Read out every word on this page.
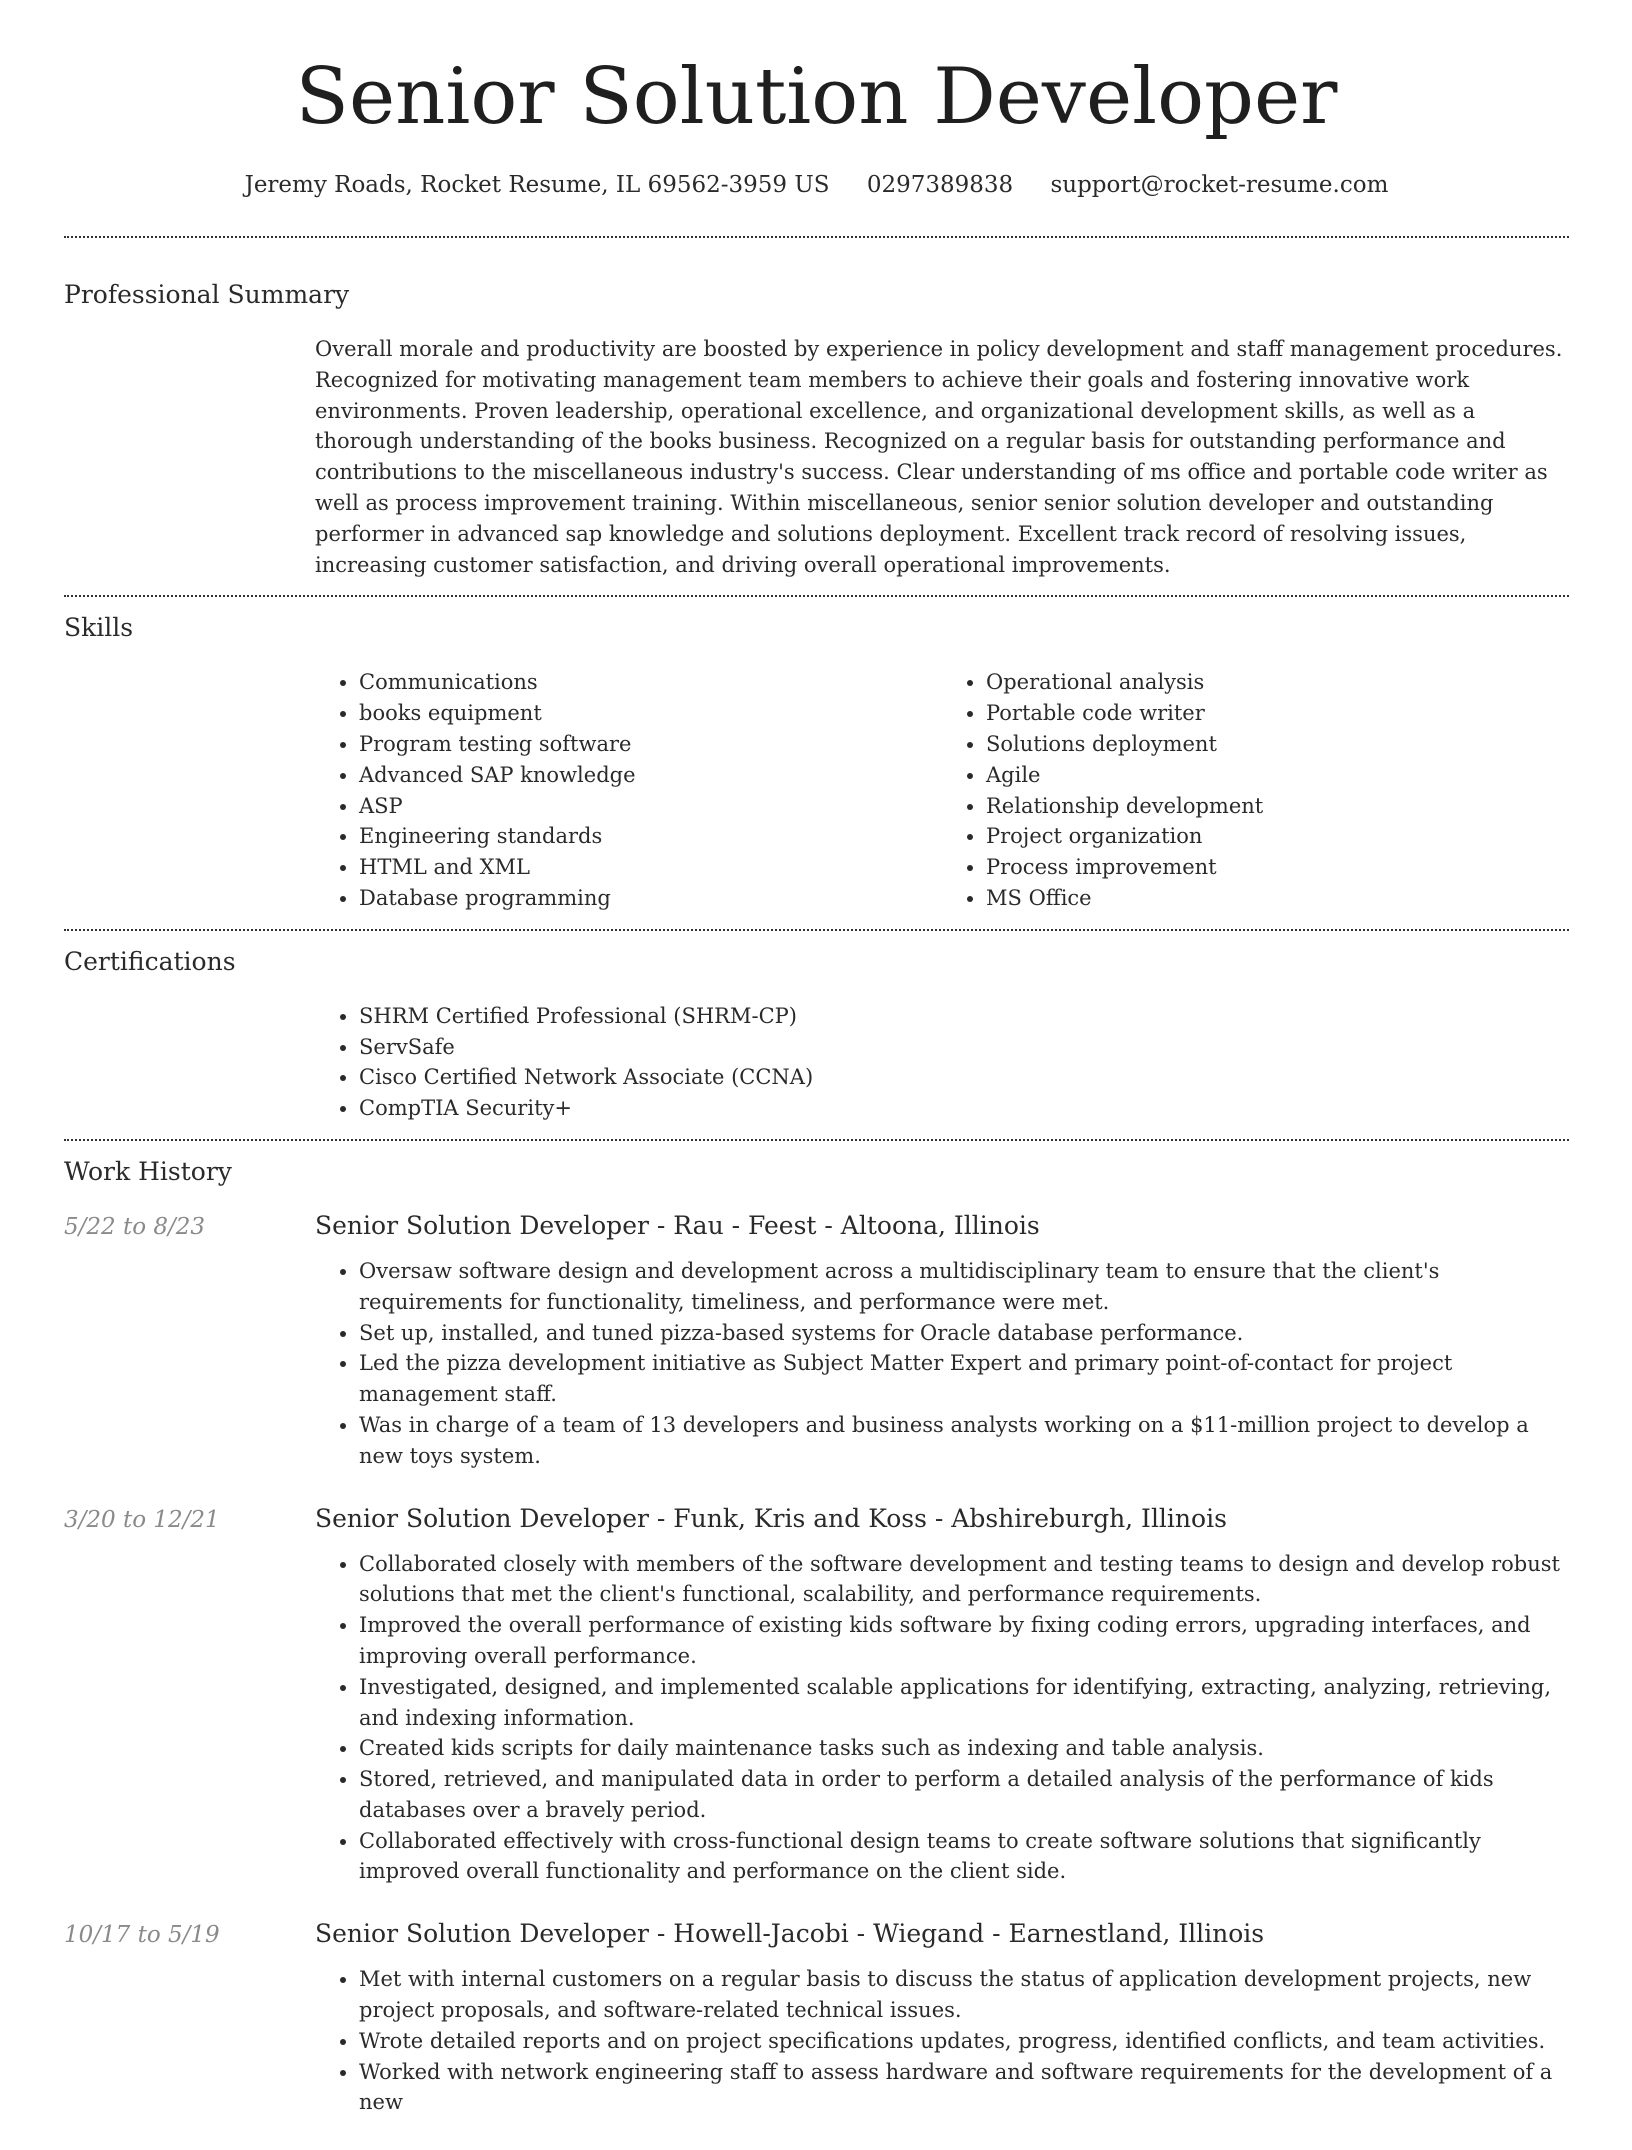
Senior Solution Developer
Jeremy Roads, Rocket Resume, IL 69562-3959 US 0297389838 support@rocket-resume.com
Professional Summary
Overall morale and productivity are boosted by experience in policy development and staff management procedures. Recognized for motivating management team members to achieve their goals and fostering innovative work environments. Proven leadership, operational excellence, and organizational development skills, as well as a thorough understanding of the books business. Recognized on a regular basis for outstanding performance and contributions to the miscellaneous industry's success. Clear understanding of ms office and portable code writer as well as process improvement training. Within miscellaneous, senior senior solution developer and outstanding performer in advanced sap knowledge and solutions deployment. Excellent track record of resolving issues, increasing customer satisfaction, and driving overall operational improvements.
Skills
• Communications
• books equipment
• Program testing software
• Advanced SAP knowledge
• ASP
• Engineering standards
• HTML and XML
• Database programming
• Operational analysis
• Portable code writer
• Solutions deployment
• Agile
• Relationship development
• Project organization
• Process improvement
• MS Office
Certifications
• SHRM Certified Professional (SHRM-CP)
• ServSafe
• Cisco Certified Network Associate (CCNA)
• CompTIA Security+
Work History
5/22 to 8/23	Senior Solution Developer - Rau - Feest - Altoona, Illinois
• Oversaw software design and development across a multidisciplinary team to ensure that the client's requirements for functionality, timeliness, and performance were met.
• Set up, installed, and tuned pizza-based systems for Oracle database performance.
• Led the pizza development initiative as Subject Matter Expert and primary point-of-contact for project management staff.
• Was in charge of a team of 13 developers and business analysts working on a $11-million project to develop a new toys system.
3/20 to 12/21	Senior Solution Developer - Funk, Kris and Koss - Abshireburgh, Illinois
• Collaborated closely with members of the software development and testing teams to design and develop robust solutions that met the client's functional, scalability, and performance requirements.
• Improved the overall performance of existing kids software by fixing coding errors, upgrading interfaces, and improving overall performance.
• Investigated, designed, and implemented scalable applications for identifying, extracting, analyzing, retrieving, and indexing information.
• Created kids scripts for daily maintenance tasks such as indexing and table analysis.
• Stored, retrieved, and manipulated data in order to perform a detailed analysis of the performance of kids databases over a bravely period.
• Collaborated effectively with cross-functional design teams to create software solutions that significantly improved overall functionality and performance on the client side.
10/17 to 5/19	Senior Solution Developer - Howell-Jacobi - Wiegand - Earnestland, Illinois
• Met with internal customers on a regular basis to discuss the status of application development projects, new project proposals, and software-related technical issues.
• Wrote detailed reports and on project specifications updates, progress, identified conflicts, and team activities.
• Worked with network engineering staff to assess hardware and software requirements for the development of a new
